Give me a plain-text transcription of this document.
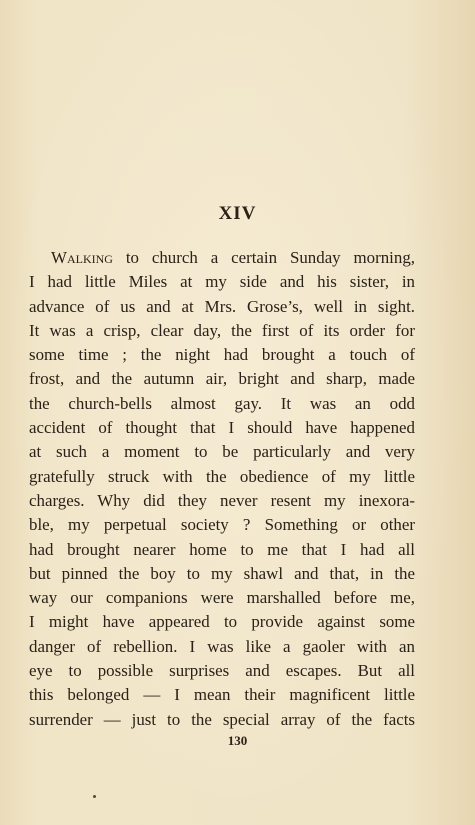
XIV
Walking to church a certain Sunday morning,
I had little Miles at my side and his sister, in
advance of us and at Mrs. Grose’s, well in sight.
It was a crisp, clear day, the first of its order for
some time ; the night had brought a touch of
frost, and the autumn air, bright and sharp, made
the church-bells almost gay. It was an odd
accident of thought that I should have happened
at such a moment to be particularly and very
gratefully struck with the obedience of my little
charges. Why did they never resent my inexora-
ble, my perpetual society ? Something or other
had brought nearer home to me that I had all
but pinned the boy to my shawl and that, in the
way our companions were marshalled before me,
I might have appeared to provide against some
danger of rebellion. I was like a gaoler with an
eye to possible surprises and escapes. But all
this belonged — I mean their magnificent little
surrender — just to the special array of the facts
130
